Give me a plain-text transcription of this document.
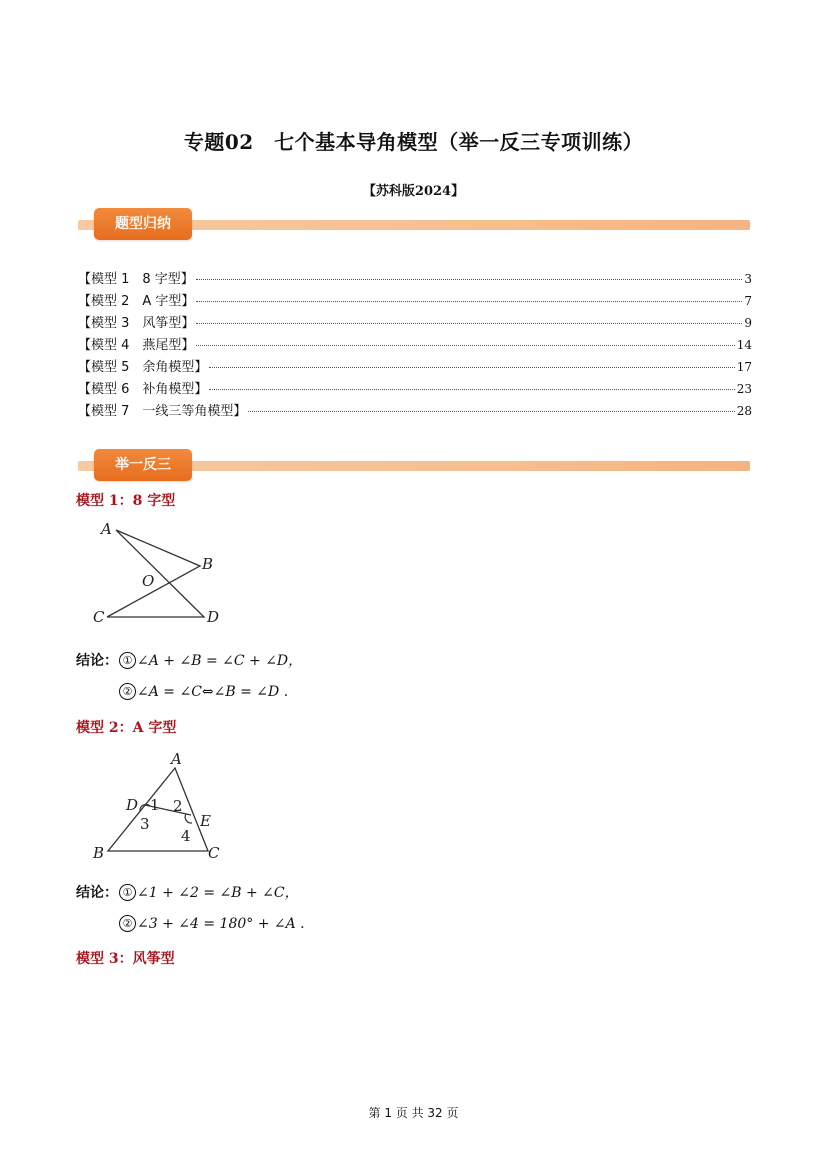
专题02　七个基本导角模型（举一反三专项训练）
【苏科版2024】
题型归纳
【模型 1　8 字型】	3
【模型 2　A 字型】	7
【模型 3　风筝型】	9
【模型 4　燕尾型】	14
【模型 5　余角模型】	17
【模型 6　补角模型】	23
【模型 7　一线三等角模型】	28
举一反三
模型 1：8 字型
A
B
C	D
O
结论： ① ∠A + ∠B = ∠C + ∠D，
② ∠A = ∠C⇔∠B = ∠D .
模型 2：A 字型
A
B	C
D
E
1 2
3
4
结论： ① ∠1 + ∠2 = ∠B + ∠C，
② ∠3 + ∠4 = 180° + ∠A .
模型 3：风筝型
第 1 页 共 32 页
